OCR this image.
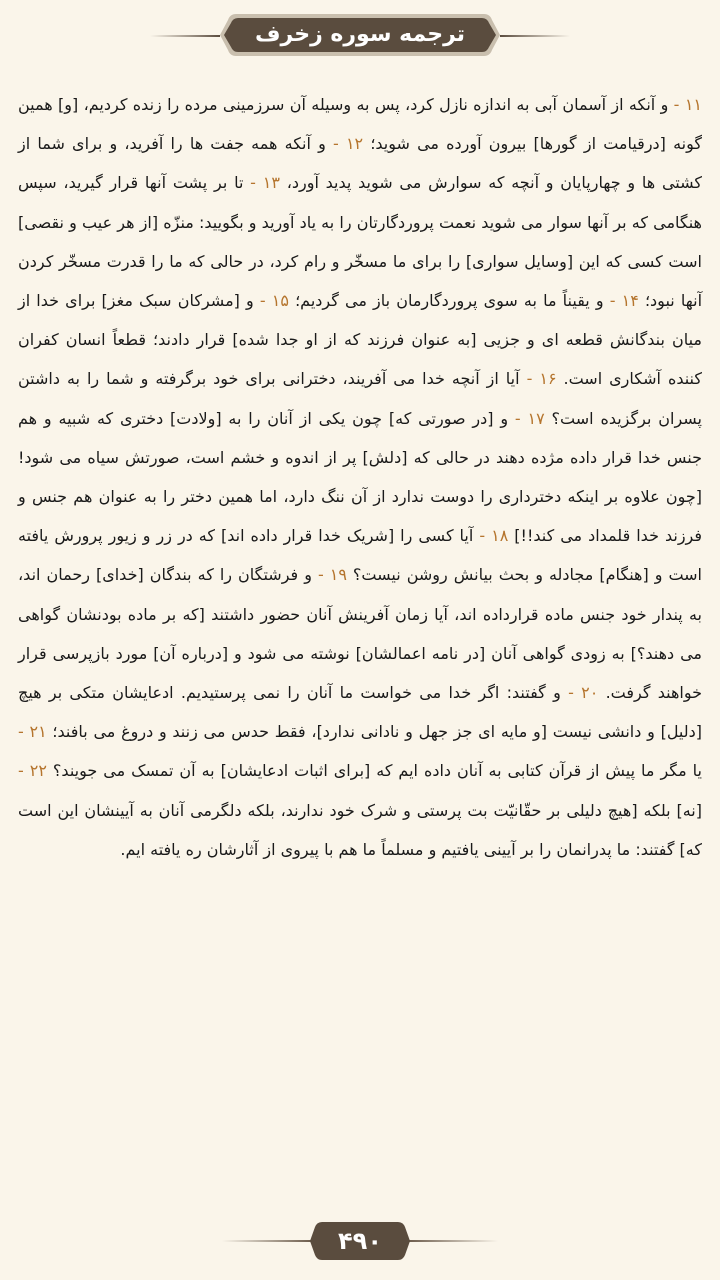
ترجمه سوره زخرف
۱۱ - و آنکه از آسمان آبی به اندازه نازل کرد، پس به وسیله آن سرزمینی مرده را زنده کردیم، [و] همین گونه [درقیامت از گورها] بیرون آورده می شوید؛ ۱۲ - و آنکه همه جفت ها را آفرید، و برای شما از کشتی ها و چهارپایان و آنچه که سوارش می شوید پدید آورد، ۱۳ - تا بر پشت آنها قرار گیرید، سپس هنگامی که بر آنها سوار می شوید نعمت پروردگارتان را به یاد آورید و بگویید: منزّه [از هر عیب و نقصی] است کسی که این [وسایل سواری] را برای ما مسخّر و رام کرد، در حالی که ما را قدرت مسخّر کردن آنها نبود؛ ۱۴ - و یقیناً ما به سوی پروردگارمان باز می گردیم؛ ۱۵ - و [مشرکان سبک مغز] برای خدا از میان بندگانش قطعه ای و جزیی [به عنوان فرزند که از او جدا شده] قرار دادند؛ قطعاً انسان کفران کننده آشکاری است. ۱۶ - آیا از آنچه خدا می آفریند، دخترانی برای خود برگرفته و شما را به داشتن پسران برگزیده است؟ ۱۷ - و [در صورتی که] چون یکی از آنان را به [ولادت] دختری که شبیه و هم جنس خدا قرار داده مژده دهند در حالی که [دلش] پر از اندوه و خشم است، صورتش سیاه می شود! [چون علاوه بر اینکه دخترداری را دوست ندارد از آن ننگ دارد، اما همین دختر را به عنوان هم جنس و فرزند خدا قلمداد می کند!!] ۱۸ - آیا کسی را [شریک خدا قرار داده اند] که در زر و زیور پرورش یافته است و [هنگام] مجادله و بحث بیانش روشن نیست؟ ۱۹ - و فرشتگان را که بندگان [خدای] رحمان اند، به پندار خود جنس ماده قرارداده اند، آیا زمان آفرینش آنان حضور داشتند [که بر ماده بودنشان گواهی می دهند؟] به زودی گواهی آنان [در نامه اعمالشان] نوشته می شود و [درباره آن] مورد بازپرسی قرار خواهند گرفت. ۲۰ - و گفتند: اگر خدا می خواست ما آنان را نمی پرستیدیم. ادعایشان متکی بر هیچ [دلیل] و دانشی نیست [و مایه ای جز جهل و نادانی ندارد]، فقط حدس می زنند و دروغ می بافند؛ ۲۱ - یا مگر ما پیش از قرآن کتابی به آنان داده ایم که [برای اثبات ادعایشان] به آن تمسک می جویند؟ ۲۲ - [نه] بلکه [هیچ دلیلی بر حقّانیّت بت پرستی و شرک خود ندارند، بلکه دلگرمی آنان به آیینشان این است که] گفتند: ما پدرانمان را بر آیینی یافتیم و مسلماً ما هم با پیروی از آثارشان ره یافته ایم.
۴۹۰
